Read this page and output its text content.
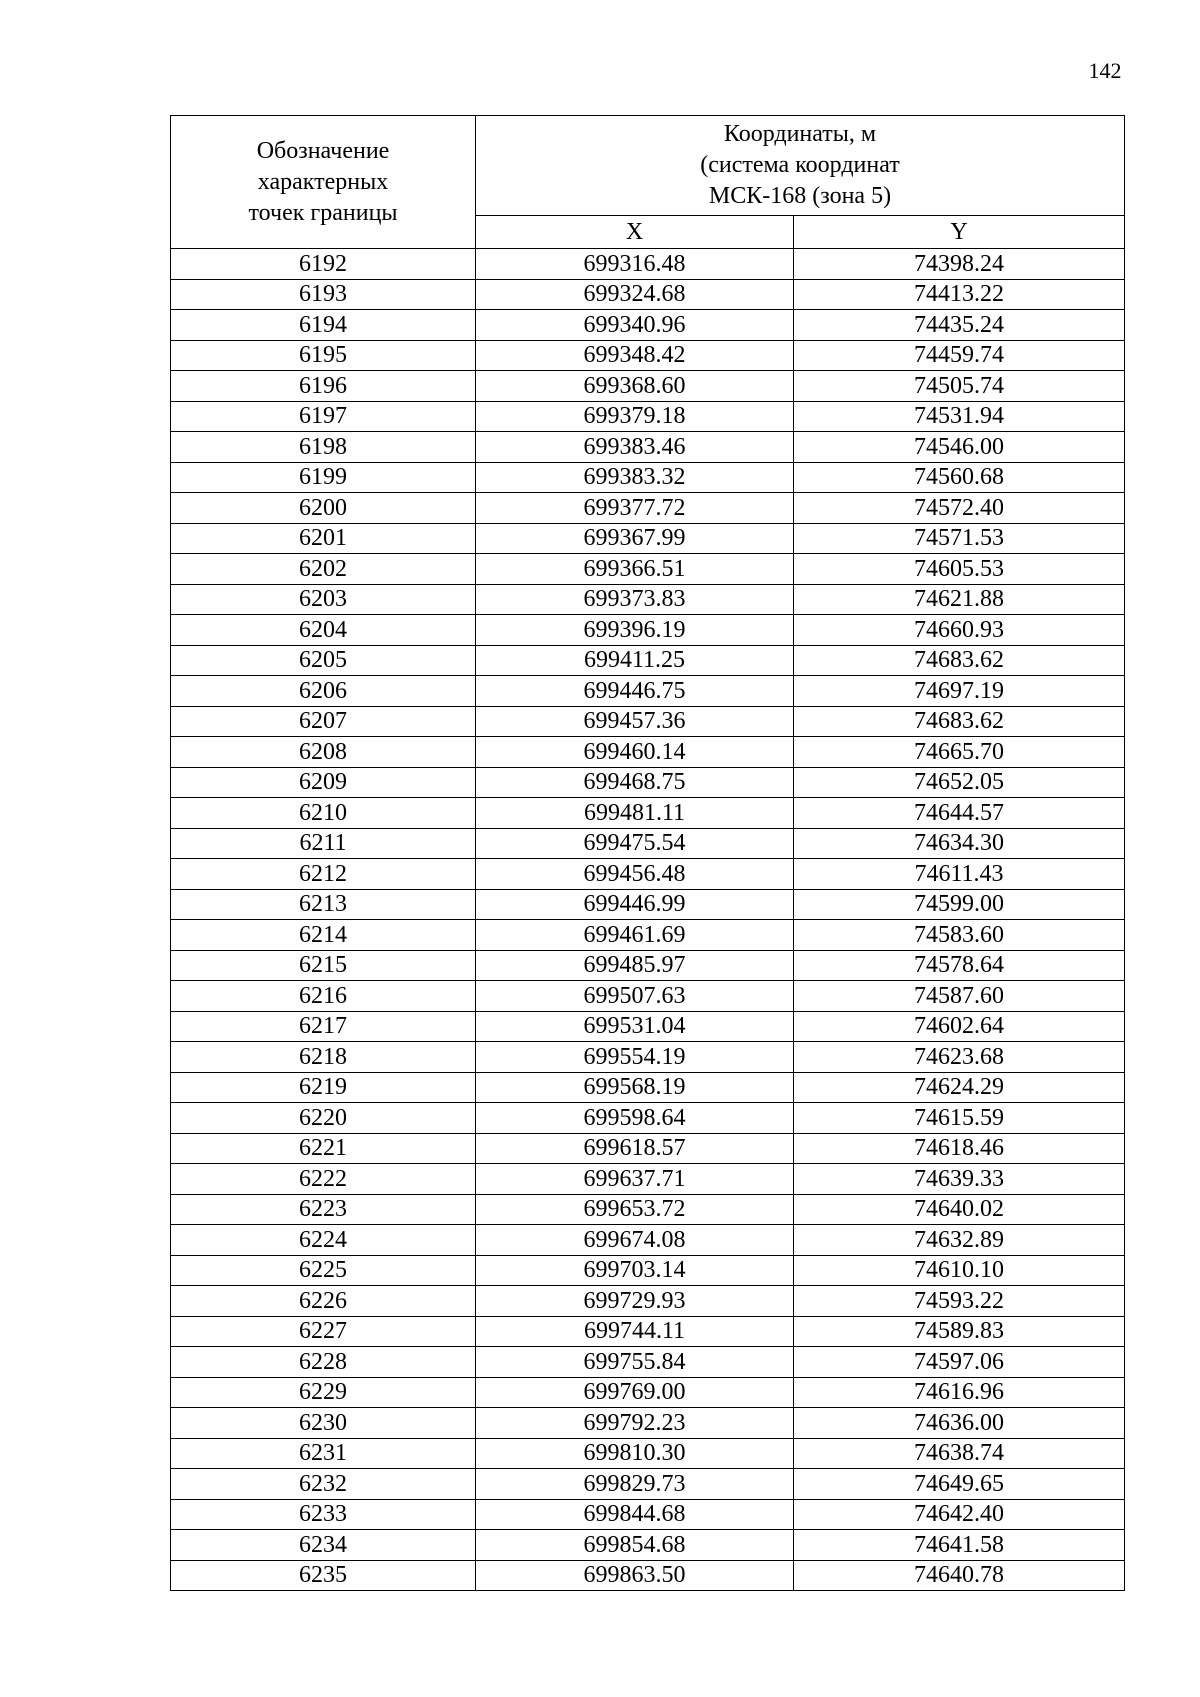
142
Обозначение
характерных
точек границы	Координаты, м
(система координат
МСК-168 (зона 5)	

	X	Y
6192	699316.48	74398.24
6193	699324.68	74413.22
6194	699340.96	74435.24
6195	699348.42	74459.74
6196	699368.60	74505.74
6197	699379.18	74531.94
6198	699383.46	74546.00
6199	699383.32	74560.68
6200	699377.72	74572.40
6201	699367.99	74571.53
6202	699366.51	74605.53
6203	699373.83	74621.88
6204	699396.19	74660.93
6205	699411.25	74683.62
6206	699446.75	74697.19
6207	699457.36	74683.62
6208	699460.14	74665.70
6209	699468.75	74652.05
6210	699481.11	74644.57
6211	699475.54	74634.30
6212	699456.48	74611.43
6213	699446.99	74599.00
6214	699461.69	74583.60
6215	699485.97	74578.64
6216	699507.63	74587.60
6217	699531.04	74602.64
6218	699554.19	74623.68
6219	699568.19	74624.29
6220	699598.64	74615.59
6221	699618.57	74618.46
6222	699637.71	74639.33
6223	699653.72	74640.02
6224	699674.08	74632.89
6225	699703.14	74610.10
6226	699729.93	74593.22
6227	699744.11	74589.83
6228	699755.84	74597.06
6229	699769.00	74616.96
6230	699792.23	74636.00
6231	699810.30	74638.74
6232	699829.73	74649.65
6233	699844.68	74642.40
6234	699854.68	74641.58
6235	699863.50	74640.78
